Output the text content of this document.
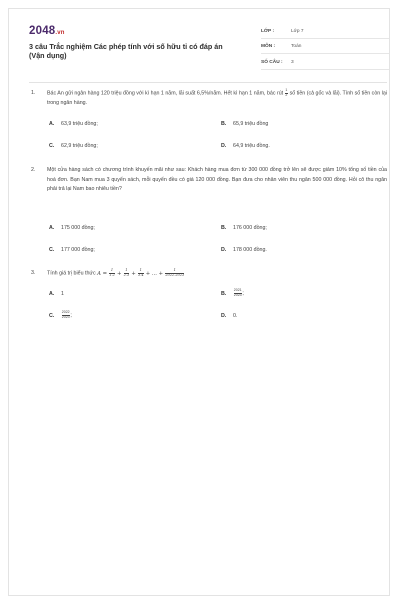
2048.vn
3 câu Trắc nghiệm Các phép tính với số hữu tỉ có đáp án (Vận dụng)
LỚP :	Lớp 7
MÔN :	Toán
SỐ CÂU :	3
1.	Bác An gửi ngân hàng 120 triệu đồng với kì hạn 1 năm, lãi suất 6,5%/năm. Hết kì hạn 1 năm, bác rút $\frac{1}{2}$ số tiền (cả gốc và lãi). Tính số tiền còn lại trong ngân hàng.
A. 63,9 triệu đồng;	B. 65,9 triệu đồng
C. 62,9 triệu đồng;	D. 64,9 triệu đồng.
2.	Một cửa hàng sách có chương trình khuyến mãi như sau: Khách hàng mua đơn từ 300 000 đồng trở lên sẽ được giảm 10% tổng số tiền của hoá đơn. Bạn Nam mua 3 quyển sách, mỗi quyển đều có giá 120 000 đồng. Bạn đưa cho nhân viên thu ngân 500 000 đồng. Hỏi cô thu ngân phải trả lại Nam bao nhiêu tiền?
A. 175 000 đồng;	B. 176 000 đồng;
C. 177 000 đồng;	D. 178 000 đồng.
3.	Tính giá trị biểu thức $A = \frac{1}{1.2} + \frac{1}{2.3} + \frac{1}{3.4}$ + ... + $\frac{1}{2022.2023}$
A. 1	B. $\frac{2021}{2023}$ ;
C. $\frac{2022}{2023}$ ;	D. 0.
